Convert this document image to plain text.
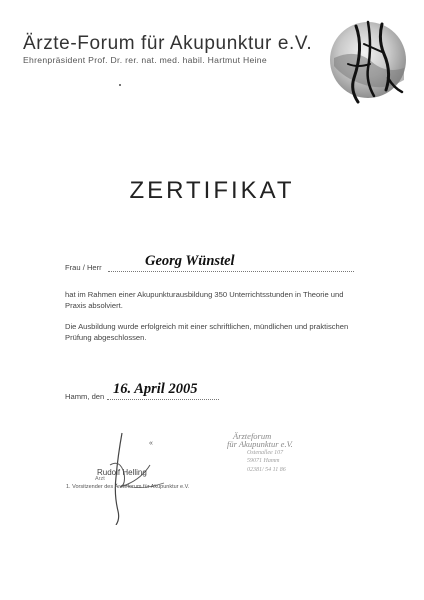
Ärzte-Forum für Akupunktur e.V.
Ehrenpräsident Prof. Dr. rer. nat. med. habil. Hartmut Heine
ZERTIFIKAT
Frau / Herr	Georg Wünstel
hat im Rahmen einer Akupunkturausbildung 350 Unterrichtsstunden in Theorie und Praxis absolviert.
Die Ausbildung wurde erfolgreich mit einer schriftlichen, mündlichen und praktischen Prüfung abgeschlossen.
Hamm, den 16. April 2005
«
Rudolf Helling
Arzt
1. Vorsitzender des Ärzteforum für Akupunktur e.V.
Ärzteforum
für Akupunktur e.V.
Ostenallee 107
59071 Hamm
02381/ 54 11 86
